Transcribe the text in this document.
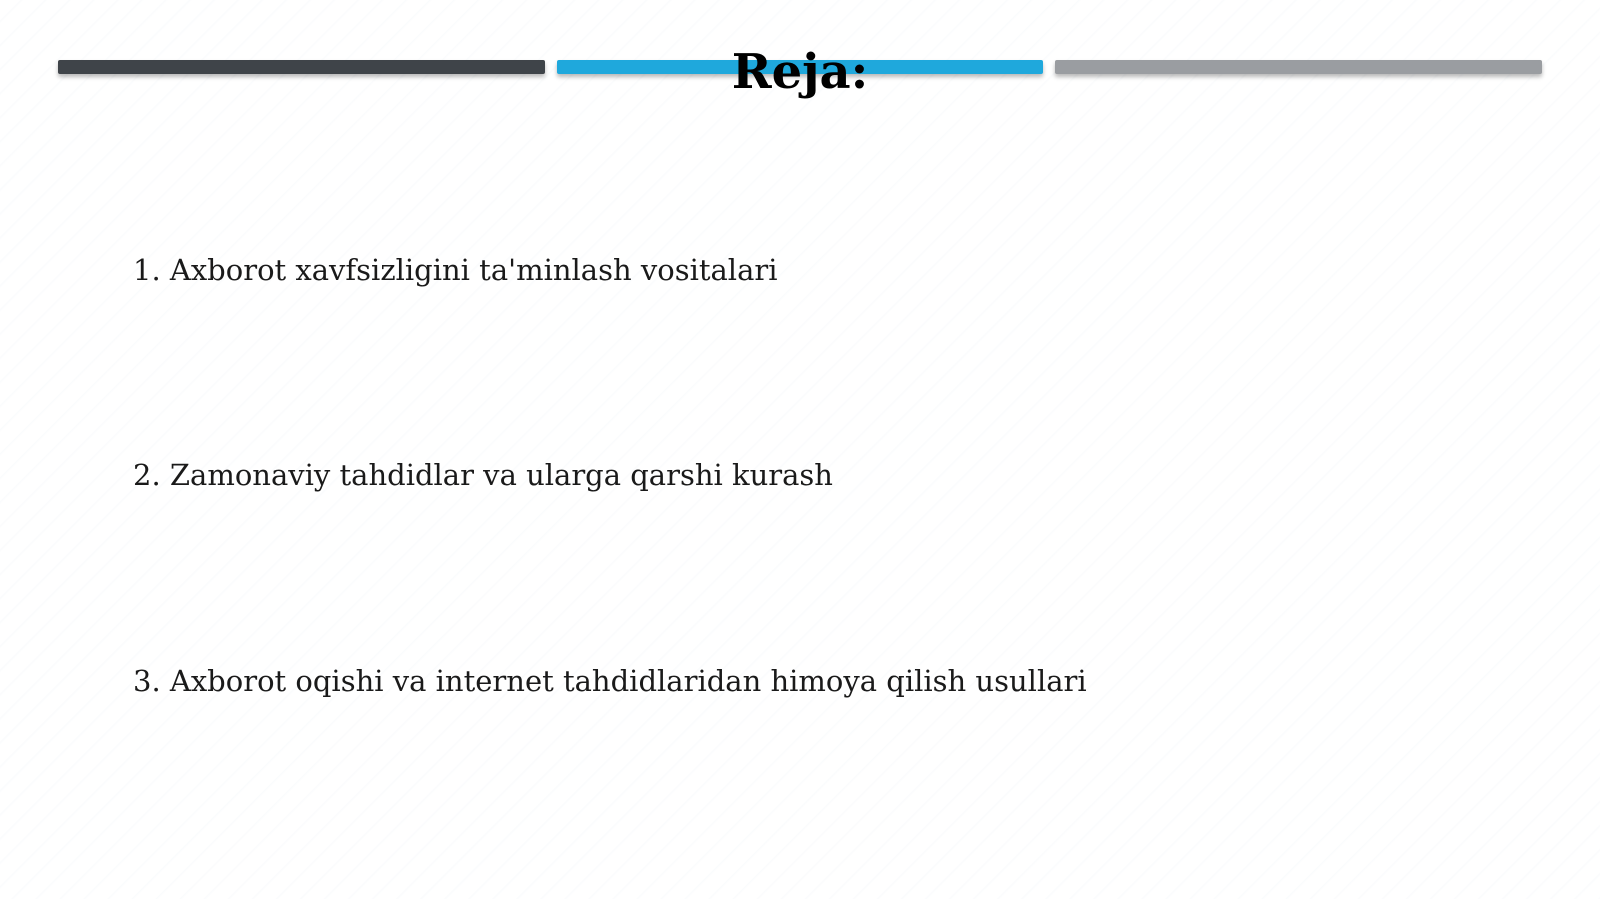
Reja:
1. Axborot xavfsizligini ta'minlash vositalari
2. Zamonaviy tahdidlar va ularga qarshi kurash
3. Axborot oqishi va internet tahdidlaridan himoya qilish usullari
